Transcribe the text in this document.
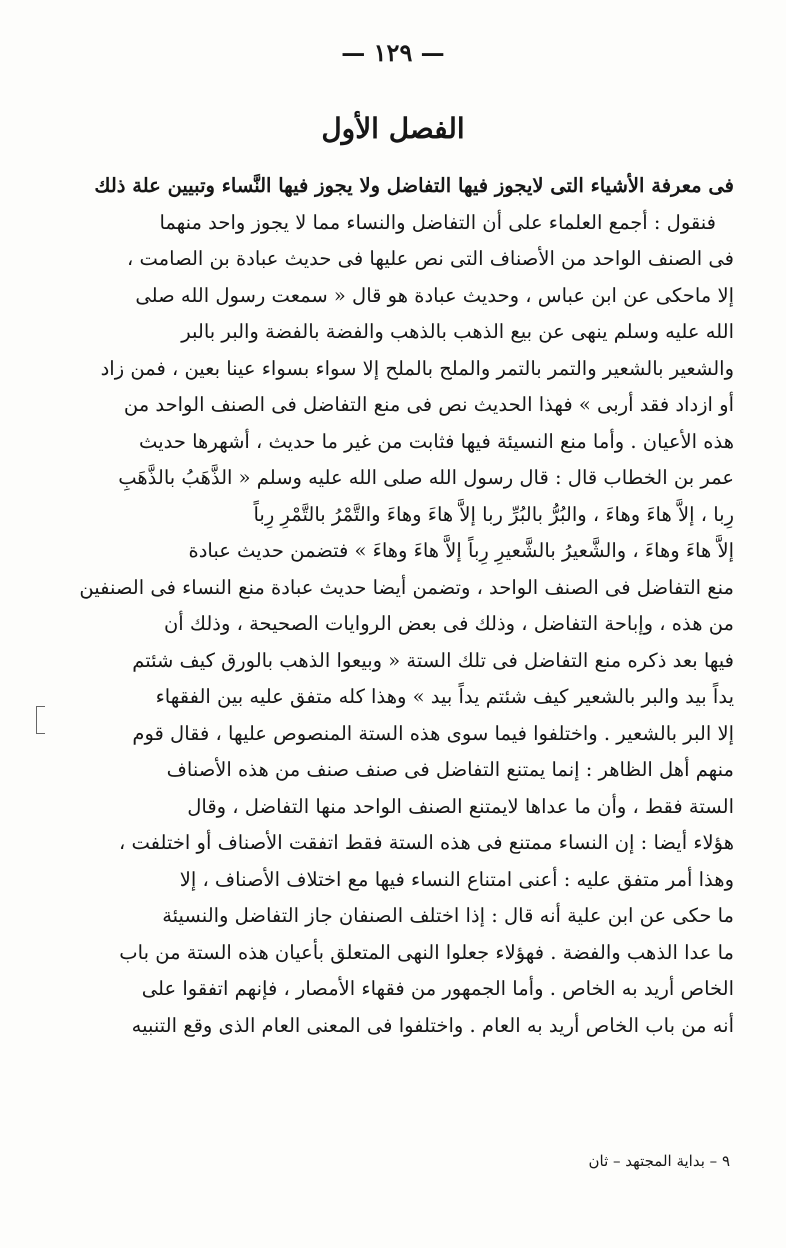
— ١٢٩ —
الفصل الأول
فى معرفة الأشياء التى لايجوز فيها التفاضل ولا يجوز فيها النَّساء وتبيين علة ذلك
فنقول : أجمع العلماء على أن التفاضل والنساء مما لا يجوز واحد منهما
فى الصنف الواحد من الأصناف التى نص عليها فى حديث عبادة بن الصامت ،
إلا ماحكى عن ابن عباس ، وحديث عبادة هو قال « سمعت رسول الله صلى
الله عليه وسلم ينهى عن بيع الذهب بالذهب والفضة بالفضة والبر بالبر
والشعير بالشعير والتمر بالتمر والملح بالملح إلا سواء بسواء عينا بعين ، فمن زاد
أو ازداد فقد أربى » فهذا الحديث نص فى منع التفاضل فى الصنف الواحد من
هذه الأعيان . وأما منع النسيئة فيها فثابت من غير ما حديث ، أشهرها حديث
عمر بن الخطاب قال : قال رسول الله صلى الله عليه وسلم « الذَّهَبُ بالذَّهَبِ
رِبا ، إلاَّ هاءَ وهاءَ ، والبُرُّ بالبُرِّ ربا إلاَّ هاءَ وهاءَ والتَّمْرُ بالتَّمْرِ رِباً
إلاَّ هاءَ وهاءَ ، والشَّعيرُ بالشَّعيرِ رِباً إلاَّ هاءَ وهاءَ » فتضمن حديث عبادة
منع التفاضل فى الصنف الواحد ، وتضمن أيضا حديث عبادة منع النساء فى الصنفين
من هذه ، وإباحة التفاضل ، وذلك فى بعض الروايات الصحيحة ، وذلك أن
فيها بعد ذكره منع التفاضل فى تلك الستة « وبيعوا الذهب بالورق كيف شئتم
يداً بيد والبر بالشعير كيف شئتم يداً بيد » وهذا كله متفق عليه بين الفقهاء
إلا البر بالشعير . واختلفوا فيما سوى هذه الستة المنصوص عليها ، فقال قوم
منهم أهل الظاهر : إنما يمتنع التفاضل فى صنف صنف من هذه الأصناف
الستة فقط ، وأن ما عداها لايمتنع الصنف الواحد منها التفاضل ، وقال
هؤلاء أيضا : إن النساء ممتنع فى هذه الستة فقط اتفقت الأصناف أو اختلفت ،
وهذا أمر متفق عليه : أعنى امتناع النساء فيها مع اختلاف الأصناف ، إلا
ما حكى عن ابن علية أنه قال : إذا اختلف الصنفان جاز التفاضل والنسيئة
ما عدا الذهب والفضة . فهؤلاء جعلوا النهى المتعلق بأعيان هذه الستة من باب
الخاص أريد به الخاص . وأما الجمهور من فقهاء الأمصار ، فإنهم اتفقوا على
أنه من باب الخاص أريد به العام . واختلفوا فى المعنى العام الذى وقع التنبيه
٩ – بداية المجتهد – ثان
